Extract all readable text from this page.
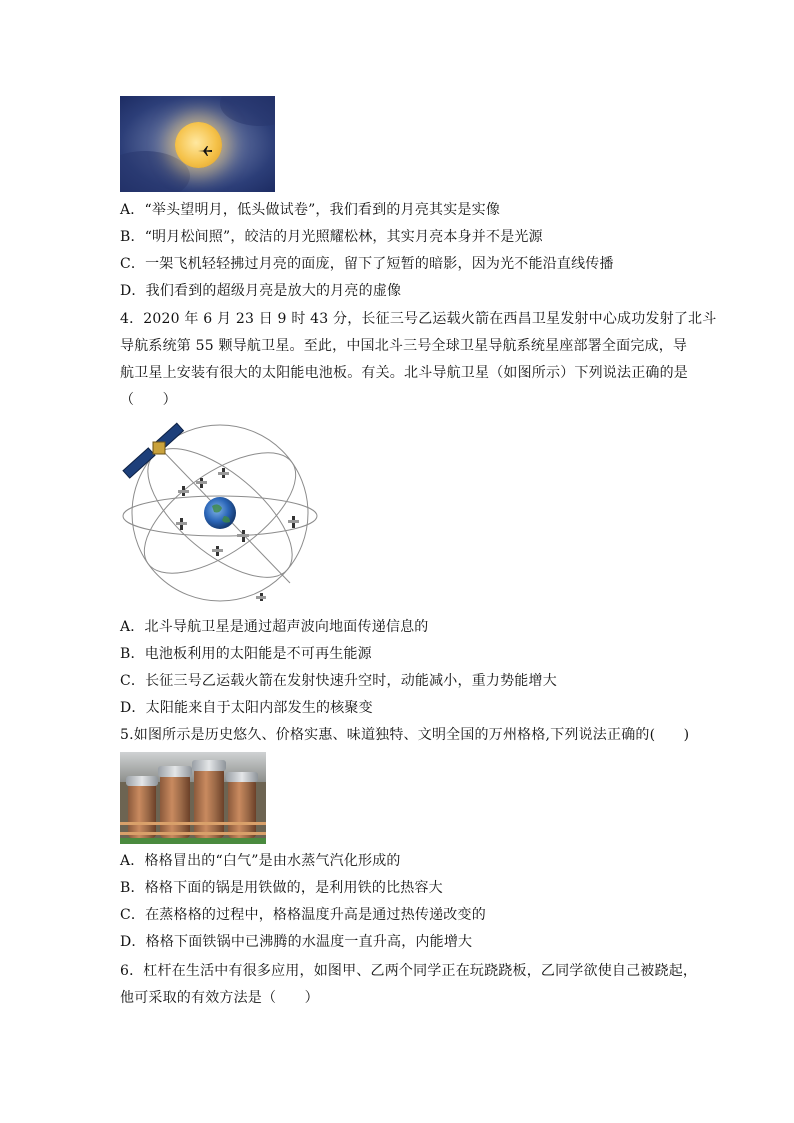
A．“举头望明月，低头做试卷”，我们看到的月亮其实是实像
B．“明月松间照”，皎洁的月光照耀松林，其实月亮本身并不是光源
C．一架飞机轻轻拂过月亮的面庞，留下了短暂的暗影，因为光不能沿直线传播
D．我们看到的超级月亮是放大的月亮的虚像
4．2020 年 6 月 23 日 9 时 43 分，长征三号乙运载火箭在西昌卫星发射中心成功发射了北斗
导航系统第 55 颗导航卫星。至此，中国北斗三号全球卫星导航系统星座部署全面完成，导
航卫星上安装有很大的太阳能电池板。有关。北斗导航卫星（如图所示）下列说法正确的是
（　　）
A．北斗导航卫星是通过超声波向地面传递信息的
B．电池板利用的太阳能是不可再生能源
C．长征三号乙运载火箭在发射快速升空时，动能减小，重力势能增大
D．太阳能来自于太阳内部发生的核聚变
5.如图所示是历史悠久、价格实惠、味道独特、文明全国的万州格格,下列说法正确的(　　)
A．格格冒出的“白气”是由水蒸气汽化形成的
B．格格下面的锅是用铁做的，是利用铁的比热容大
C．在蒸格格的过程中，格格温度升高是通过热传递改变的
D．格格下面铁锅中已沸腾的水温度一直升高，内能增大
6．杠杆在生活中有很多应用，如图甲、乙两个同学正在玩跷跷板，乙同学欲使自己被跷起，
他可采取的有效方法是（　　）
